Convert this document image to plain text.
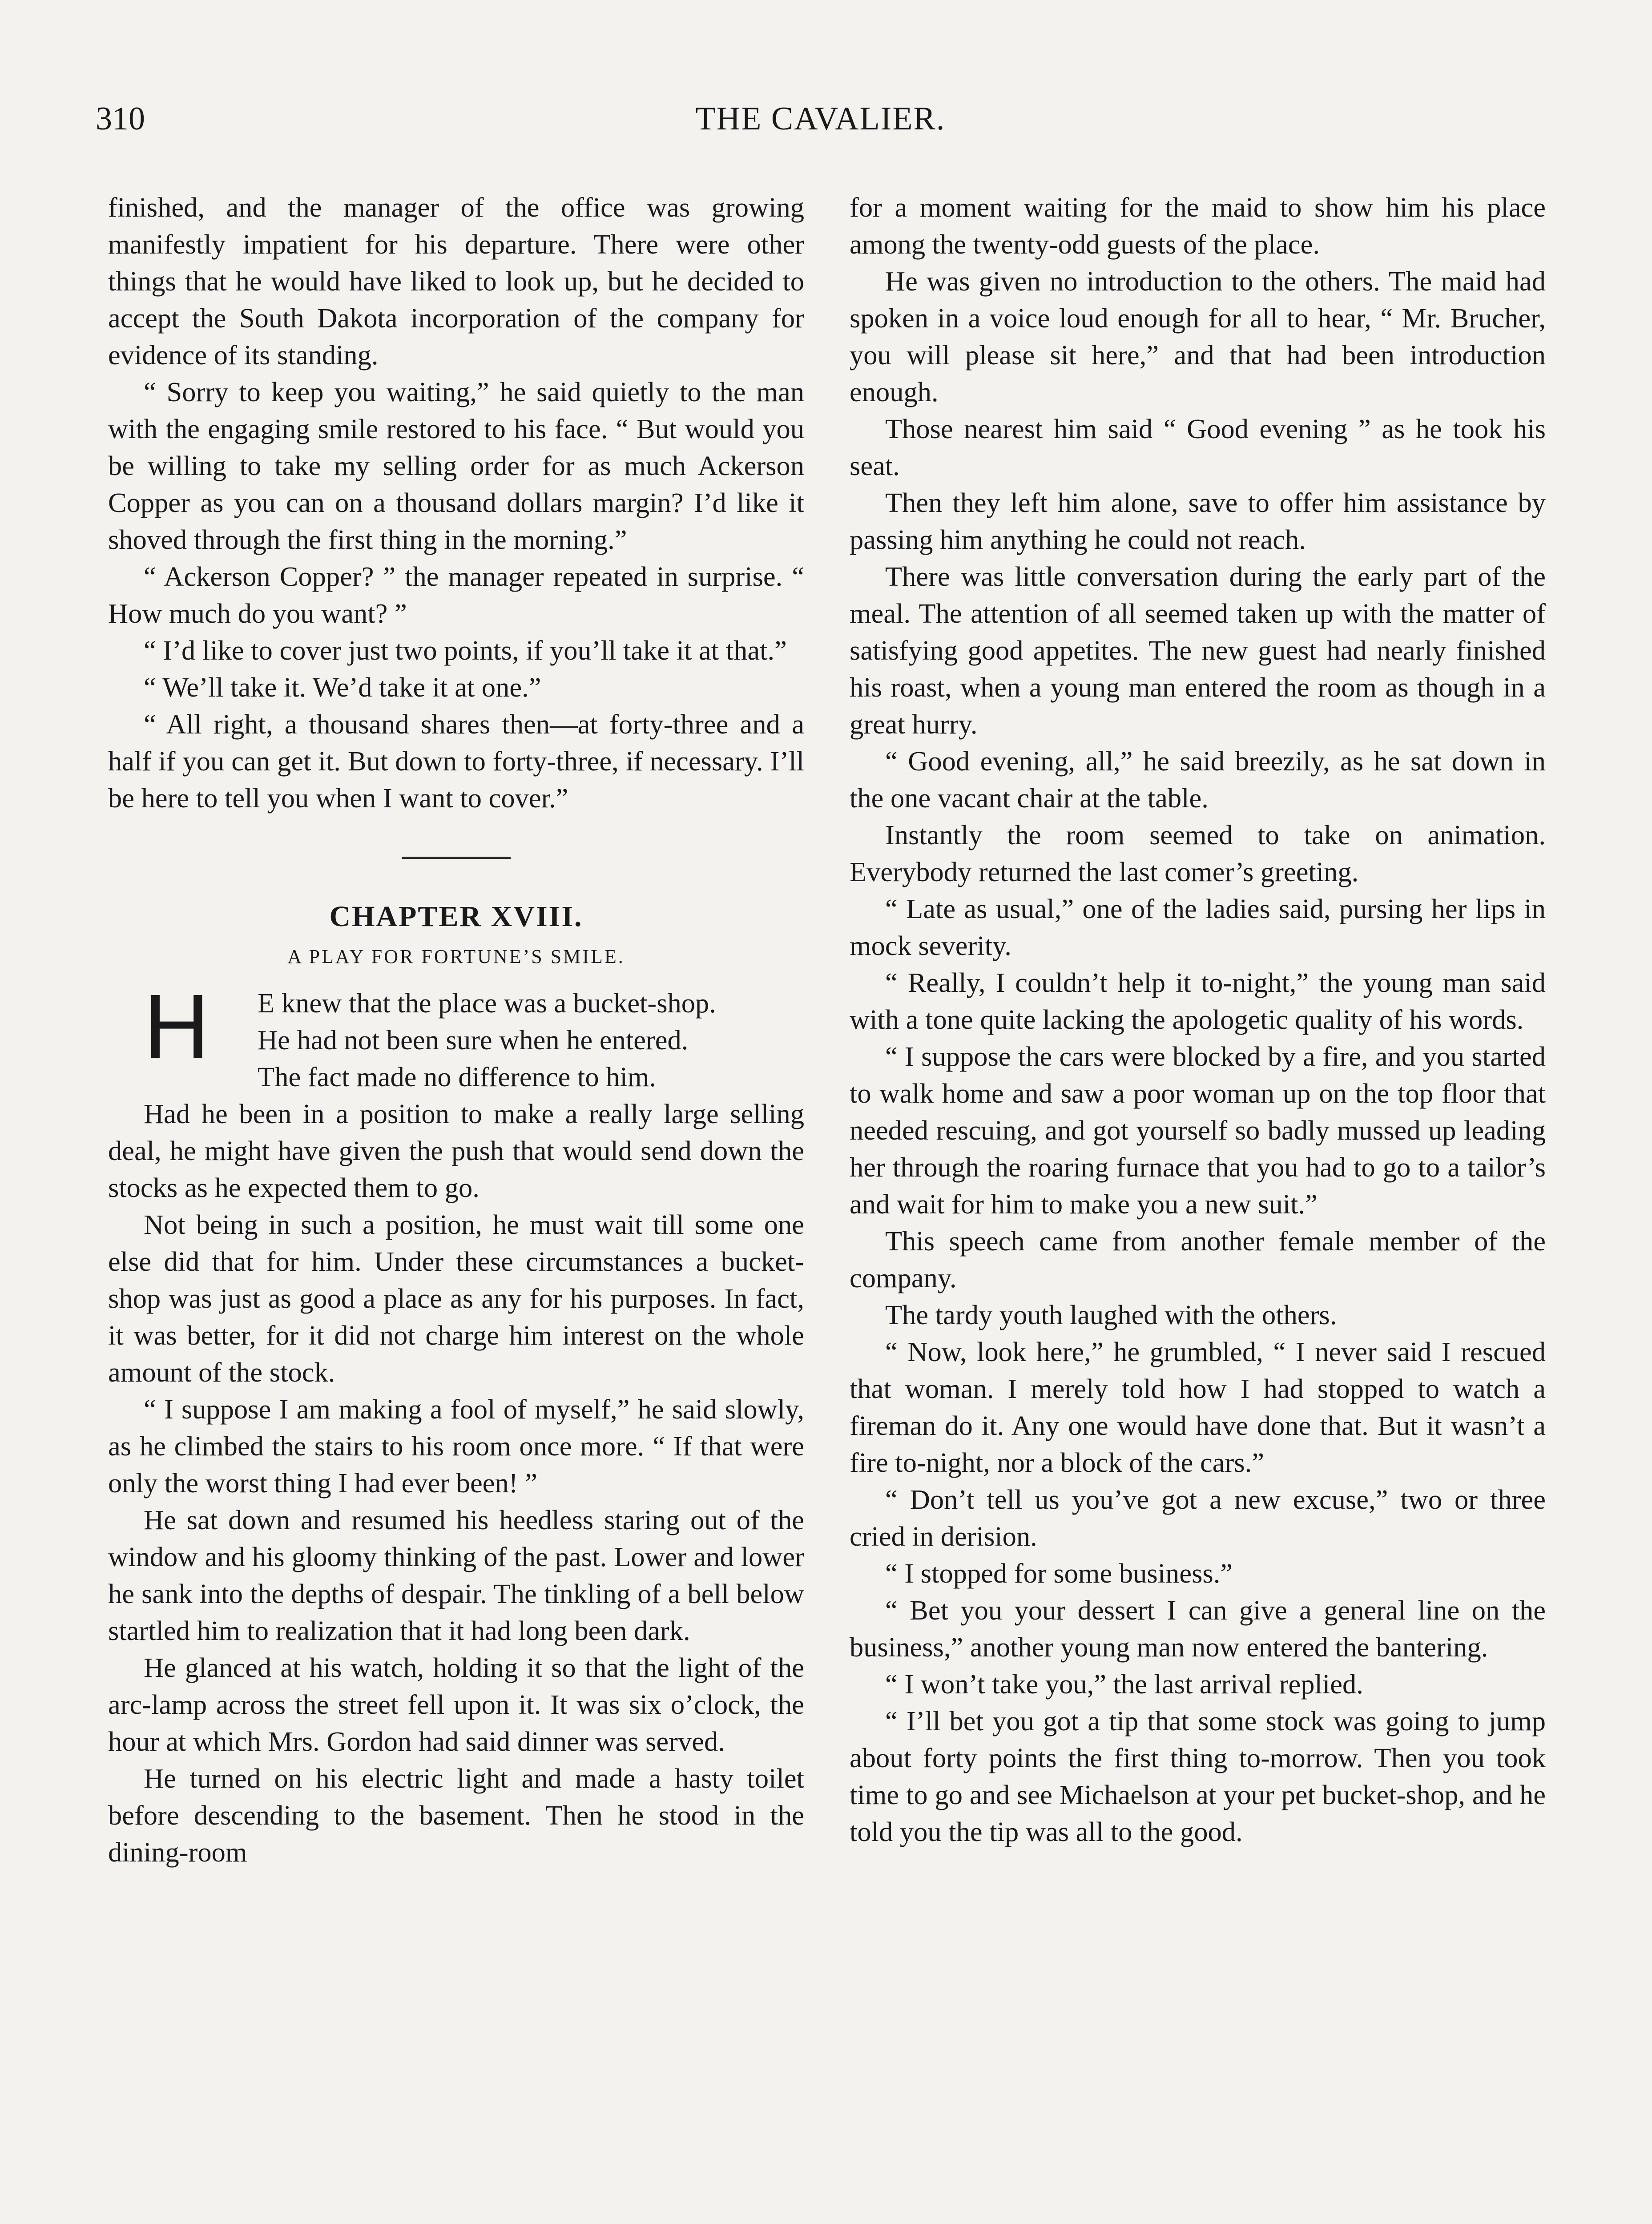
310	THE CAVALIER.

finished, and the manager of the office was growing manifestly impatient for his departure. There were other things that he would have liked to look up, but he decided to accept the South Dakota incorporation of the company for evidence of its standing.

“ Sorry to keep you waiting,” he said quietly to the man with the engaging smile restored to his face. “ But would you be willing to take my selling order for as much Ackerson Copper as you can on a thousand dollars margin? I’d like it shoved through the first thing in the morning.”

“ Ackerson Copper? ” the manager repeated in surprise. “ How much do you want? ”

“ I’d like to cover just two points, if you’ll take it at that.”

“ We’ll take it. We’d take it at one.”

“ All right, a thousand shares then—at forty-three and a half if you can get it. But down to forty-three, if necessary. I’ll be here to tell you when I want to cover.”

CHAPTER XVIII.
A PLAY FOR FORTUNE’S SMILE.

H	E knew that the place was a bucket-shop.
He had not been sure when he entered.
The fact made no difference to him.

Had he been in a position to make a really large selling deal, he might have given the push that would send down the stocks as he expected them to go.

Not being in such a position, he must wait till some one else did that for him. Under these circumstances a bucket-shop was just as good a place as any for his purposes. In fact, it was better, for it did not charge him interest on the whole amount of the stock.

“ I suppose I am making a fool of myself,” he said slowly, as he climbed the stairs to his room once more. “ If that were only the worst thing I had ever been! ”

He sat down and resumed his heedless staring out of the window and his gloomy thinking of the past. Lower and lower he sank into the depths of despair. The tinkling of a bell below startled him to realization that it had long been dark.

He glanced at his watch, holding it so that the light of the arc-lamp across the street fell upon it. It was six o’clock, the hour at which Mrs. Gordon had said dinner was served.

He turned on his electric light and made a hasty toilet before descending to the basement. Then he stood in the dining-room

for a moment waiting for the maid to show him his place among the twenty-odd guests of the place.

He was given no introduction to the others. The maid had spoken in a voice loud enough for all to hear, “ Mr. Brucher, you will please sit here,” and that had been introduction enough.

Those nearest him said “ Good evening ” as he took his seat.

Then they left him alone, save to offer him assistance by passing him anything he could not reach.

There was little conversation during the early part of the meal. The attention of all seemed taken up with the matter of satisfying good appetites. The new guest had nearly finished his roast, when a young man entered the room as though in a great hurry.

“ Good evening, all,” he said breezily, as he sat down in the one vacant chair at the table.

Instantly the room seemed to take on animation. Everybody returned the last comer’s greeting.

“ Late as usual,” one of the ladies said, pursing her lips in mock severity.

“ Really, I couldn’t help it to-night,” the young man said with a tone quite lacking the apologetic quality of his words.

“ I suppose the cars were blocked by a fire, and you started to walk home and saw a poor woman up on the top floor that needed rescuing, and got yourself so badly mussed up leading her through the roaring furnace that you had to go to a tailor’s and wait for him to make you a new suit.”

This speech came from another female member of the company.

The tardy youth laughed with the others.

“ Now, look here,” he grumbled, “ I never said I rescued that woman. I merely told how I had stopped to watch a fireman do it. Any one would have done that. But it wasn’t a fire to-night, nor a block of the cars.”

“ Don’t tell us you’ve got a new excuse,” two or three cried in derision.

“ I stopped for some business.”

“ Bet you your dessert I can give a general line on the business,” another young man now entered the bantering.

“ I won’t take you,” the last arrival replied.

“ I’ll bet you got a tip that some stock was going to jump about forty points the first thing to-morrow. Then you took time to go and see Michaelson at your pet bucket-shop, and he told you the tip was all to the good.
